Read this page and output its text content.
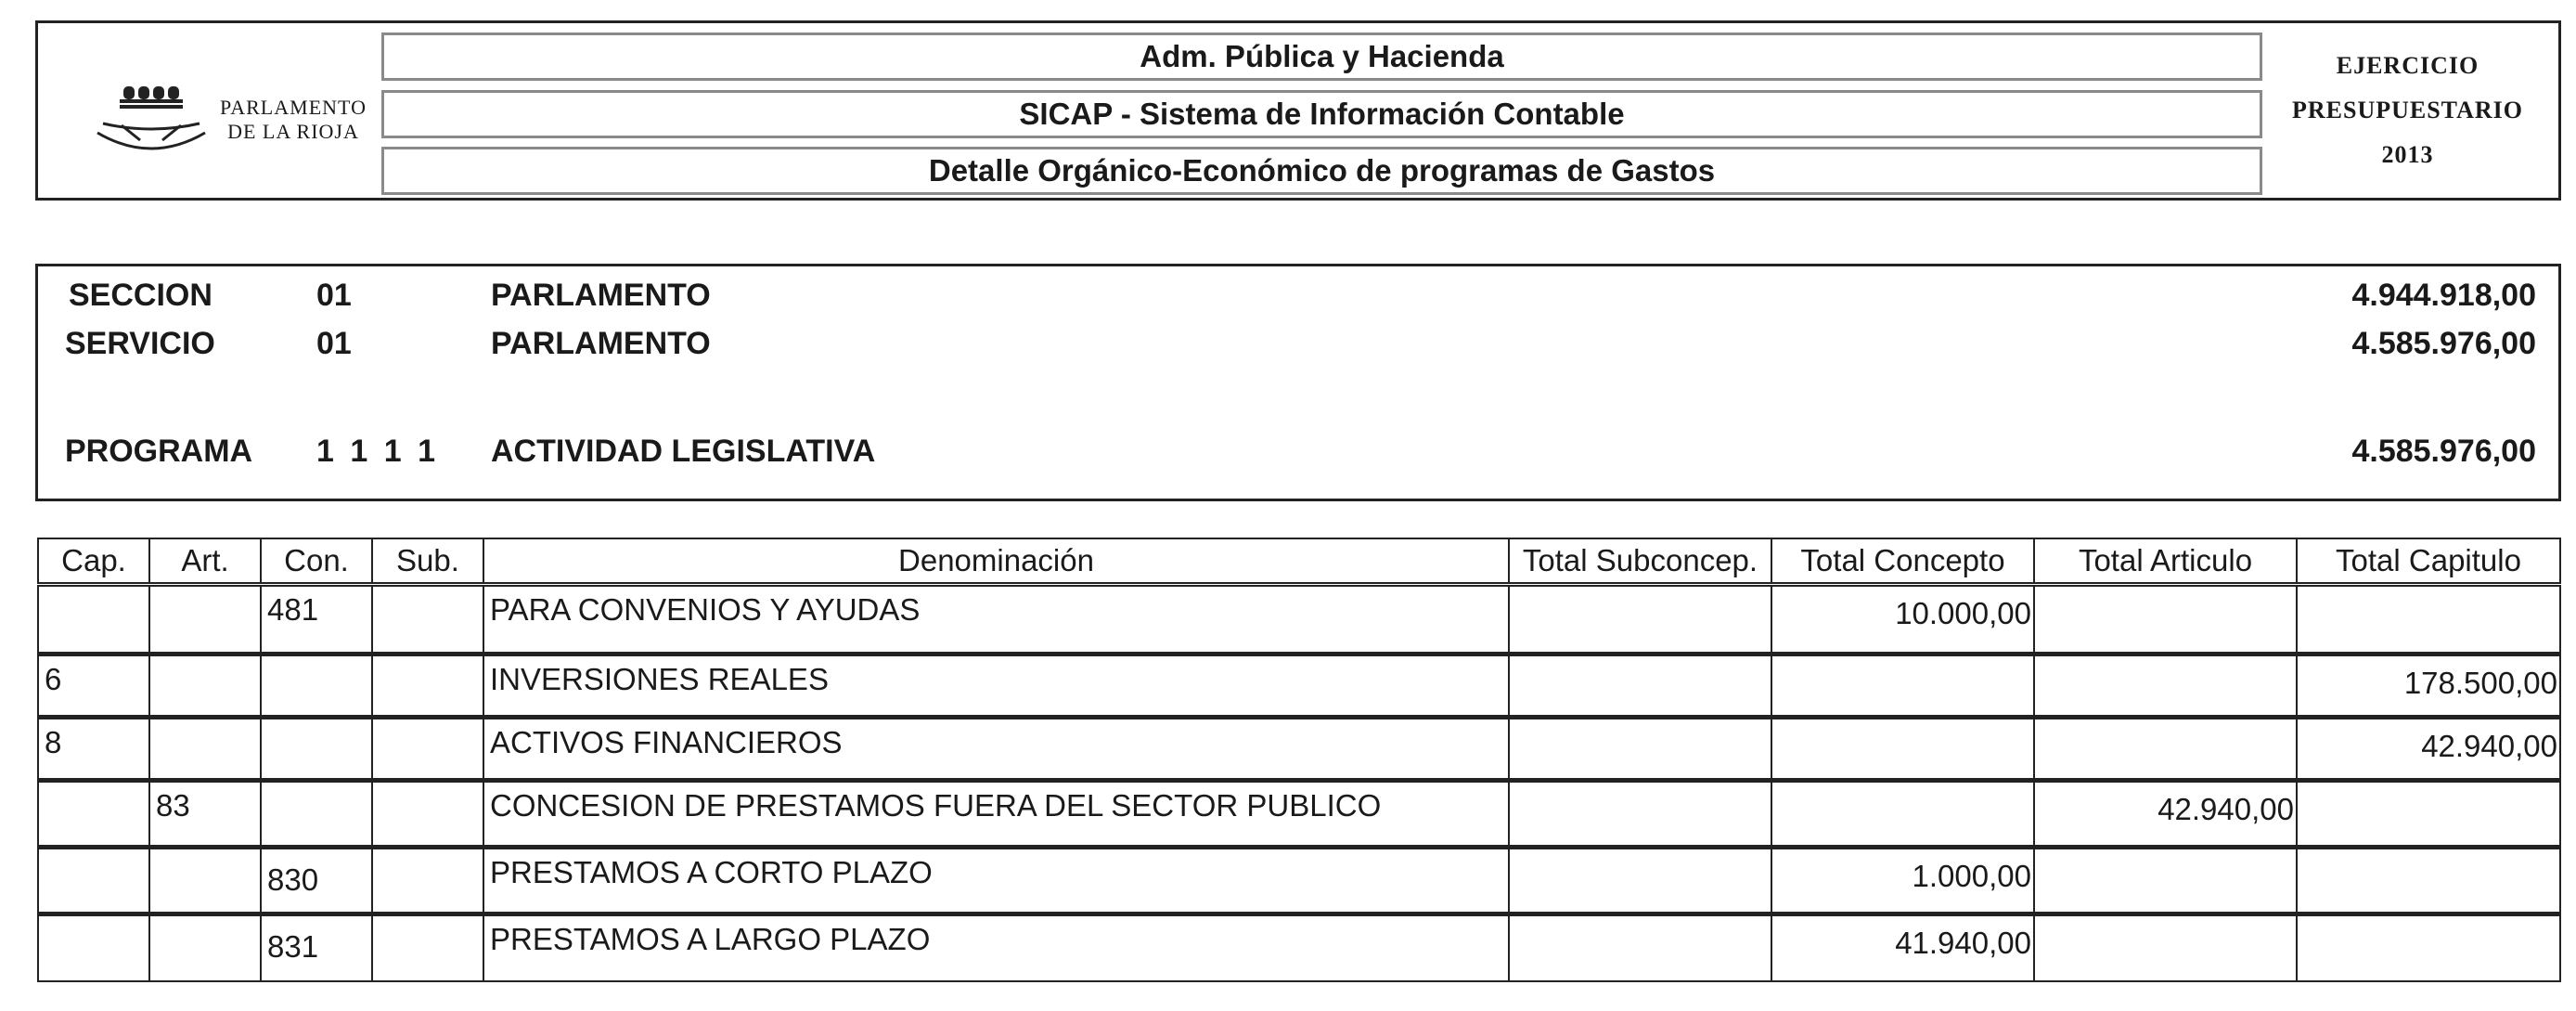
PARLAMENTO
DE LA RIOJA
Adm. Pública y Hacienda
SICAP - Sistema de Información Contable
Detalle Orgánico-Económico de programas de Gastos
EJERCICIO
PRESUPUESTARIO
2013
SECCION	01	PARLAMENTO	4.944.918,00
SERVICIO	01	PARLAMENTO	4.585.976,00
PROGRAMA 1 1 1 1 ACTIVIDAD LEGISLATIVA	4.585.976,00
Cap.	Art.	Con.	Sub.	Denominación	Total Subconcep.	Total Concepto	Total Articulo	Total Capitulo
		481		PARA CONVENIOS Y AYUDAS		10.000,00		
6				INVERSIONES REALES				178.500,00
8				ACTIVOS FINANCIEROS				42.940,00
	83			CONCESION DE PRESTAMOS FUERA DEL SECTOR PUBLICO			42.940,00	
		830		PRESTAMOS A CORTO PLAZO		1.000,00		
		831		PRESTAMOS A LARGO PLAZO		41.940,00		
